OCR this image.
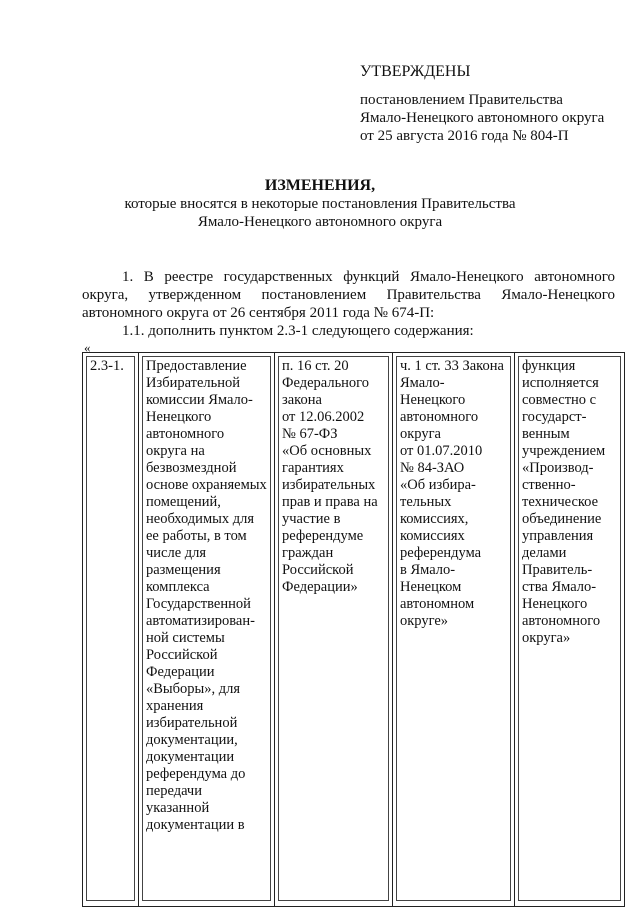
УТВЕРЖДЕНЫ
постановлением Правительства
Ямало-Ненецкого автономного округа
от 25 августа 2016 года № 804-П
ИЗМЕНЕНИЯ,
которые вносятся в некоторые постановления Правительства
Ямало-Ненецкого автономного округа
1. В реестре государственных функций Ямало-Ненецкого автономного
округа, утвержденном постановлением Правительства Ямало-Ненецкого
автономного округа от 26 сентября 2011 года № 674-П:
1.1. дополнить пунктом 2.3-1 следующего содержания:
«
2.3-1.	Предоставление
Избирательной
комиссии Ямало-
Ненецкого
автономного
округа на
безвозмездной
основе охраняемых
помещений,
необходимых для
ее работы, в том
числе для
размещения
комплекса
Государственной
автоматизирован-
ной системы
Российской
Федерации
«Выборы», для
хранения
избирательной
документации,
документации
референдума до
передачи
указанной
документации в

п. 16 ст. 20
Федерального
закона
от 12.06.2002
№ 67-ФЗ
«Об основных
гарантиях
избирательных
прав и права на
участие в
референдуме
граждан
Российской
Федерации»

ч. 1 ст. 33 Закона
Ямало-
Ненецкого
автономного
округа
от 01.07.2010
№ 84-ЗАО
«Об избира-
тельных
комиссиях,
комиссиях
референдума
в Ямало-
Ненецком
автономном
округе»

функция
исполняется
совместно с
государст-
венным
учреждением
«Производ-
ственно-
техническое
объединение
управления
делами
Правитель-
ства Ямало-
Ненецкого
автономного
округа»
